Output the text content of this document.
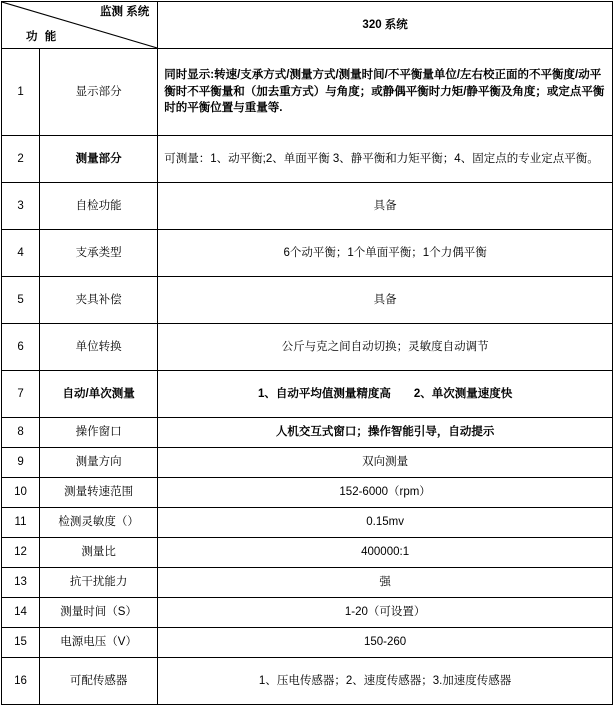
监测 系统
功 能		320 系统
1	显示部分	同时显示:转速/支承方式/测量方式/测量时间/不平衡量单位/左右校正面的不平衡度/动平衡时不平衡量和（加去重方式）与角度；或静偶平衡时力矩/静平衡及角度；或定点平衡时的平衡位置与重量等.
2	测量部分	可测量：1、动平衡;2、单面平衡 3、静平衡和力矩平衡；4、固定点的专业定点平衡。
3	自检功能	具备
4	支承类型	6个动平衡；1个单面平衡；1个力偶平衡
5	夹具补偿	具备
6	单位转换	公斤与克之间自动切换；灵敏度自动调节
7	自动/单次测量	1、自动平均值测量精度高　　2、单次测量速度快
8	操作窗口	人机交互式窗口；操作智能引导，自动提示
9	测量方向	双向测量
10	测量转速范围	152-6000（rpm）
11	检测灵敏度（）	0.15mv
12	测量比	400000:1
13	抗干扰能力	强
14	测量时间（S）	1-20（可设置）
15	电源电压（V）	150-260
16	可配传感器	1、压电传感器；2、速度传感器；3.加速度传感器
